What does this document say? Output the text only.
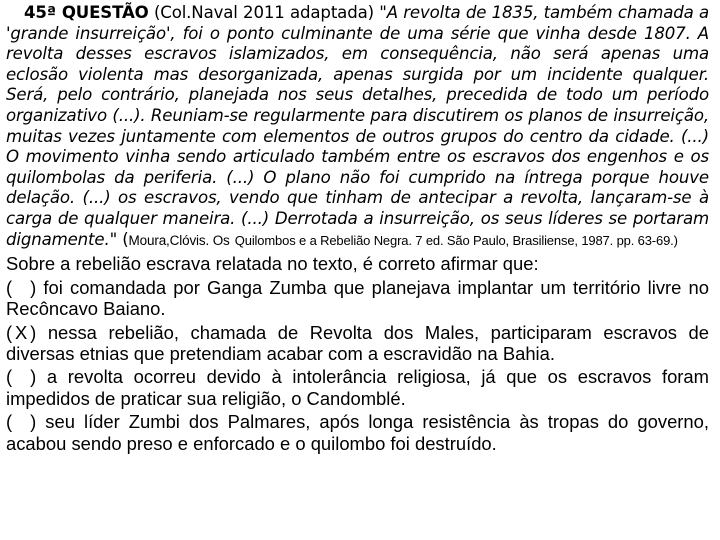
45ª QUESTÃO (Col.Naval 2011 adaptada) "A revolta de 1835, também chamada a 'grande insurreição', foi o ponto culminante de uma série que vinha desde 1807. A revolta desses escravos islamizados, em consequência, não será apenas uma eclosão violenta mas desorganizada, apenas surgida por um incidente qualquer. Será, pelo contrário, planejada nos seus detalhes, precedida de todo um período organizativo (...). Reuniam-se regularmente para discutirem os planos de insurreição, muitas vezes juntamente com elementos de outros grupos do centro da cidade. (...) O movimento vinha sendo articulado também entre os escravos dos engenhos e os quilombolas da periferia. (...) O plano não foi cumprido na íntrega porque houve delação. (...) os escravos, vendo que tinham de antecipar a revolta, lançaram-se à carga de qualquer maneira. (...) Derrotada a insurreição, os seus líderes se portaram dignamente." (Moura,Clóvis. Os Quilombos e a Rebelião Negra. 7 ed. São Paulo, Brasiliense, 1987. pp. 63-69.)

Sobre a rebelião escrava relatada no texto, é correto afirmar que:
( ) foi comandada por Ganga Zumba que planejava implantar um território livre no Recôncavo Baiano.
( X ) nessa rebelião, chamada de Revolta dos Males, participaram escravos de diversas etnias que pretendiam acabar com a escravidão na Bahia.
( ) a revolta ocorreu devido à intolerância religiosa, já que os escravos foram impedidos de praticar sua religião, o Candomblé.
( ) seu líder Zumbi dos Palmares, após longa resistência às tropas do governo, acabou sendo preso e enforcado e o quilombo foi destruído.
